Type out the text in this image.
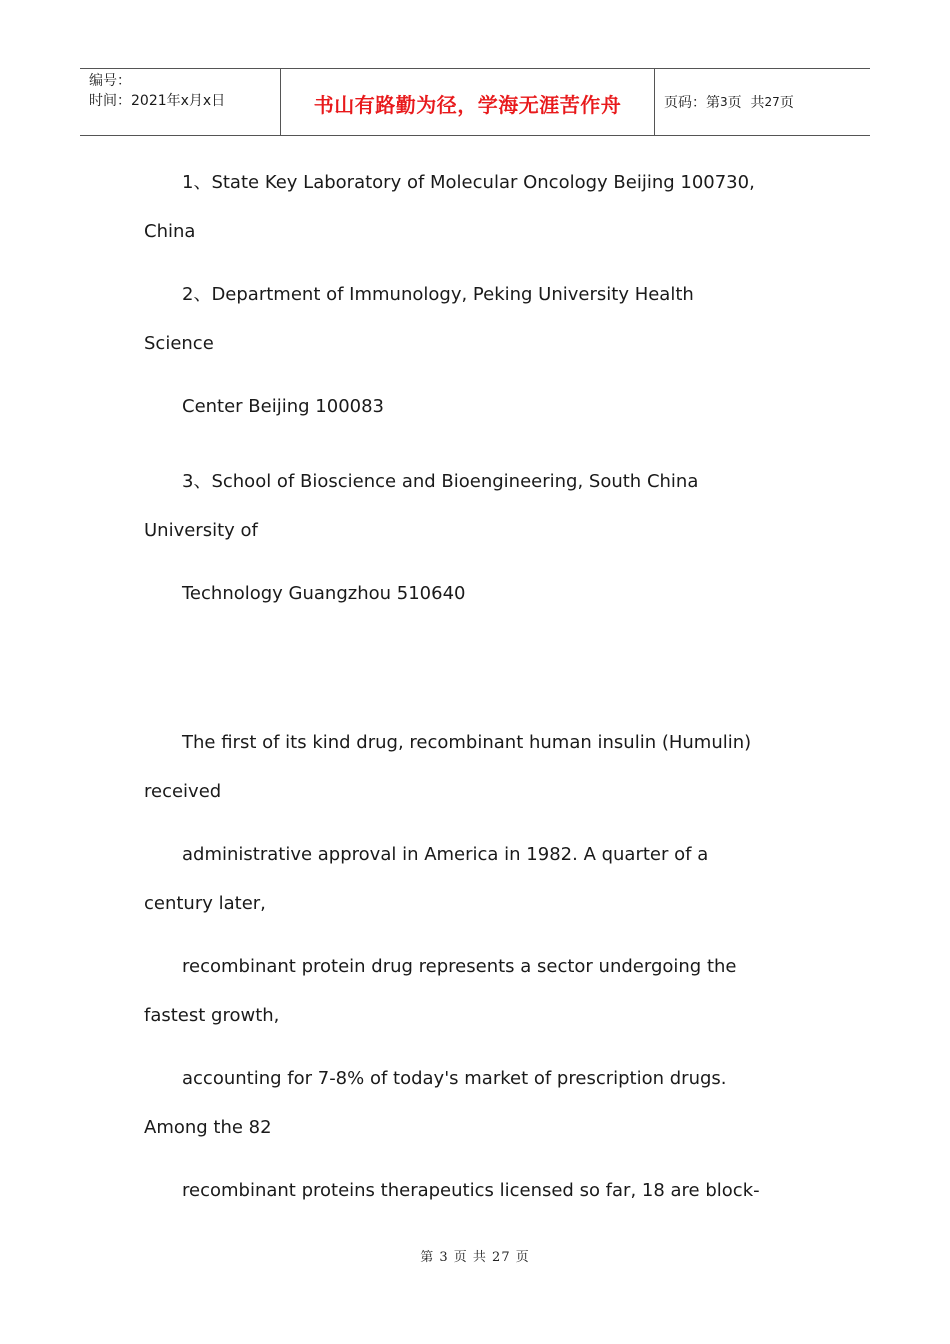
编号：
时间：2021年x月x日	书山有路勤为径，学海无涯苦作舟	页码：第 3 页  共 27 页
1、State Key Laboratory of Molecular Oncology Beijing 100730,
China
2、Department of Immunology, Peking University Health
Science
Center Beijing 100083
3、School of Bioscience and Bioengineering, South China
University of
Technology Guangzhou 510640
The first of its kind drug, recombinant human insulin (Humulin)
received
administrative approval in America in 1982. A quarter of a
century later,
recombinant protein drug represents a sector undergoing the
fastest growth,
accounting for 7-8% of today's market of prescription drugs.
Among the 82
recombinant proteins therapeutics licensed so far, 18 are block-
第 3 页 共 27 页
